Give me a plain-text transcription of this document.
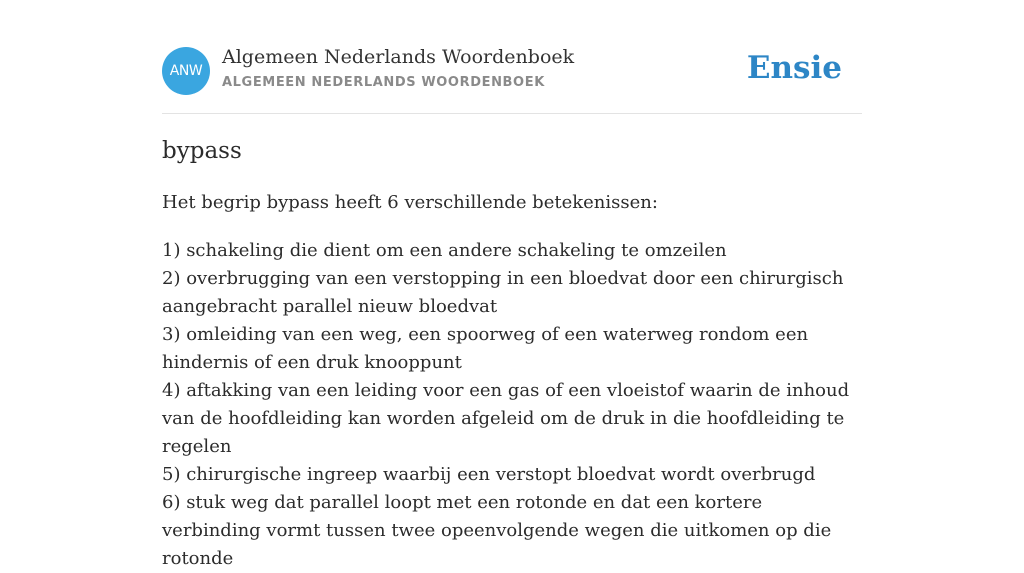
ANW
Algemeen Nederlands Woordenboek
ALGEMEEN NEDERLANDS WOORDENBOEK	Ensie
bypass

Het begrip bypass heeft 6 verschillende betekenissen:

1) schakeling die dient om een andere schakeling te omzeilen
2) overbrugging van een verstopping in een bloedvat door een chirurgisch aangebracht parallel nieuw bloedvat
3) omleiding van een weg, een spoorweg of een waterweg rondom een hindernis of een druk knooppunt
4) aftakking van een leiding voor een gas of een vloeistof waarin de inhoud van de hoofdleiding kan worden afgeleid om de druk in die hoofdleiding te regelen
5) chirurgische ingreep waarbij een verstopt bloedvat wordt overbrugd
6) stuk weg dat parallel loopt met een rotonde en dat een kortere verbinding vormt tussen twee opeenvolgende wegen die uitkomen op die rotonde
